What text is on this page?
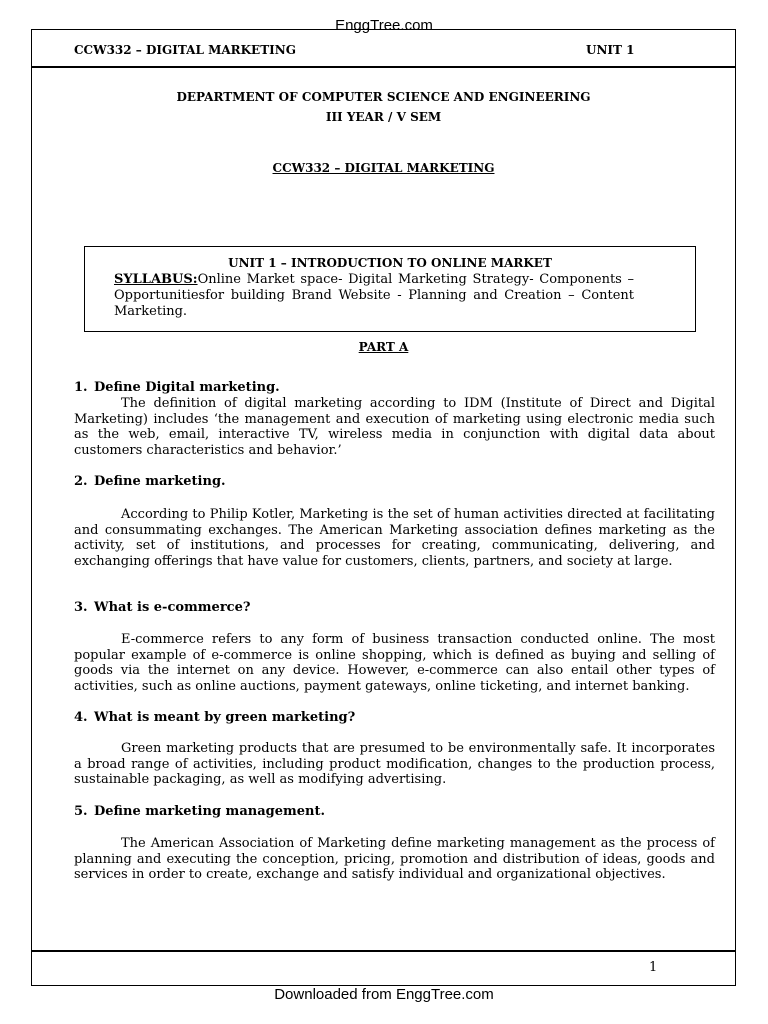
EnggTree.com
CCW332 – DIGITAL MARKETING	UNIT 1
DEPARTMENT OF COMPUTER SCIENCE AND ENGINEERING
III YEAR / V SEM
CCW332 – DIGITAL MARKETING
UNIT 1 – INTRODUCTION TO ONLINE MARKET
SYLLABUS:Online Market space- Digital Marketing Strategy- Components – Opportunitiesfor building Brand Website - Planning and Creation – Content Marketing.
PART A
1. Define Digital marketing.

The definition of digital marketing according to IDM (Institute of Direct and Digital Marketing) includes ‘the management and execution of marketing using electronic media such as the web, email, interactive TV, wireless media in conjunction with digital data about customers characteristics and behavior.’

2. Define marketing.

According to Philip Kotler, Marketing is the set of human activities directed at facilitating and consummating exchanges. The American Marketing association defines marketing as the activity, set of institutions, and processes for creating, communicating, delivering, and exchanging offerings that have value for customers, clients, partners, and society at large.

3. What is e-commerce?

E-commerce refers to any form of business transaction conducted online. The most popular example of e-commerce is online shopping, which is defined as buying and selling of goods via the internet on any device. However, e-commerce can also entail other types of activities, such as online auctions, payment gateways, online ticketing, and internet banking.

4. What is meant by green marketing?

Green marketing products that are presumed to be environmentally safe. It incorporates a broad range of activities, including product modification, changes to the production process, sustainable packaging, as well as modifying advertising.

5. Define marketing management.

The American Association of Marketing define marketing management as the process of planning and executing the conception, pricing, promotion and distribution of ideas, goods and services in order to create, exchange and satisfy individual and organizational objectives.

1
Downloaded from EnggTree.com
